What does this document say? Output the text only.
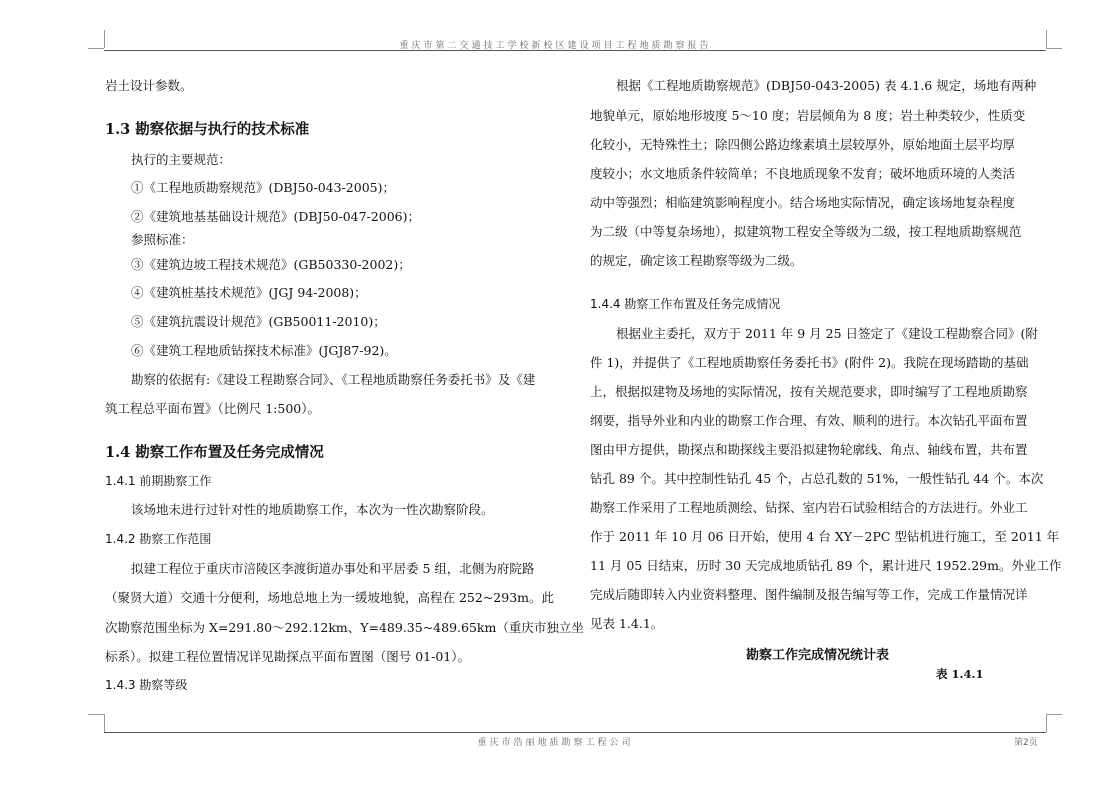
重庆市第二交通技工学校新校区建设项目工程地质勘察报告
岩土设计参数。
1.3 勘察依据与执行的技术标准
执行的主要规范：
①《工程地质勘察规范》(DBJ50-043-2005)；
②《建筑地基基础设计规范》(DBJ50-047-2006)；
参照标准：
③《建筑边坡工程技术规范》(GB50330-2002)；
④《建筑桩基技术规范》(JGJ 94-2008)；
⑤《建筑抗震设计规范》(GB50011-2010)；
⑥《建筑工程地质钻探技术标准》(JGJ87-92)。
勘察的依据有:《建设工程勘察合同》、《工程地质勘察任务委托书》及《建
筑工程总平面布置》（比例尺 1:500）。
1.4 勘察工作布置及任务完成情况
1.4.1 前期勘察工作
该场地未进行过针对性的地质勘察工作，本次为一性次勘察阶段。
1.4.2 勘察工作范围
拟建工程位于重庆市涪陵区李渡街道办事处和平居委 5 组，北侧为府院路
（聚贤大道）交通十分便利，场地总地上为一缓坡地貌，高程在 252~293m。此
次勘察范围坐标为 X=291.80～292.12km、Y=489.35~489.65km（重庆市独立坐
标系）。拟建工程位置情况详见勘探点平面布置图（图号 01-01）。
1.4.3 勘察等级
根据《工程地质勘察规范》(DBJ50-043-2005) 表 4.1.6 规定，场地有两种
地貌单元，原始地形坡度 5～10 度；岩层倾角为 8 度；岩土种类较少，性质变
化较小，无特殊性土；除四侧公路边缘素填土层较厚外，原始地面土层平均厚
度较小；水文地质条件较简单；不良地质现象不发育；破坏地质环境的人类活
动中等强烈；相临建筑影响程度小。结合场地实际情况，确定该场地复杂程度
为二级（中等复杂场地），拟建筑物工程安全等级为二级，按工程地质勘察规范
的规定，确定该工程勘察等级为二级。
1.4.4 勘察工作布置及任务完成情况
根据业主委托，双方于 2011 年 9 月 25 日签定了《建设工程勘察合同》(附
件 1)，并提供了《工程地质勘察任务委托书》(附件 2)。我院在现场踏勘的基础
上，根据拟建物及场地的实际情况，按有关规范要求，即时编写了工程地质勘察
纲要，指导外业和内业的勘察工作合理、有效、顺利的进行。本次钻孔平面布置
图由甲方提供，勘探点和勘探线主要沿拟建物轮廓线、角点、轴线布置，共布置
钻孔 89 个。其中控制性钻孔 45 个，占总孔数的 51%，一般性钻孔 44 个。本次
勘察工作采用了工程地质测绘、钻探、室内岩石试验相结合的方法进行。外业工
作于 2011 年 10 月 06 日开始，使用 4 台 XY－2PC 型钻机进行施工，至 2011 年
11 月 05 日结束，历时 30 天完成地质钻孔 89 个，累计进尺 1952.29m。外业工作
完成后随即转入内业资料整理、图件编制及报告编写等工作，完成工作量情况详
见表 1.4.1。
勘察工作完成情况统计表
表 1.4.1
重庆市浩丽地质勘察工程公司	第2页
